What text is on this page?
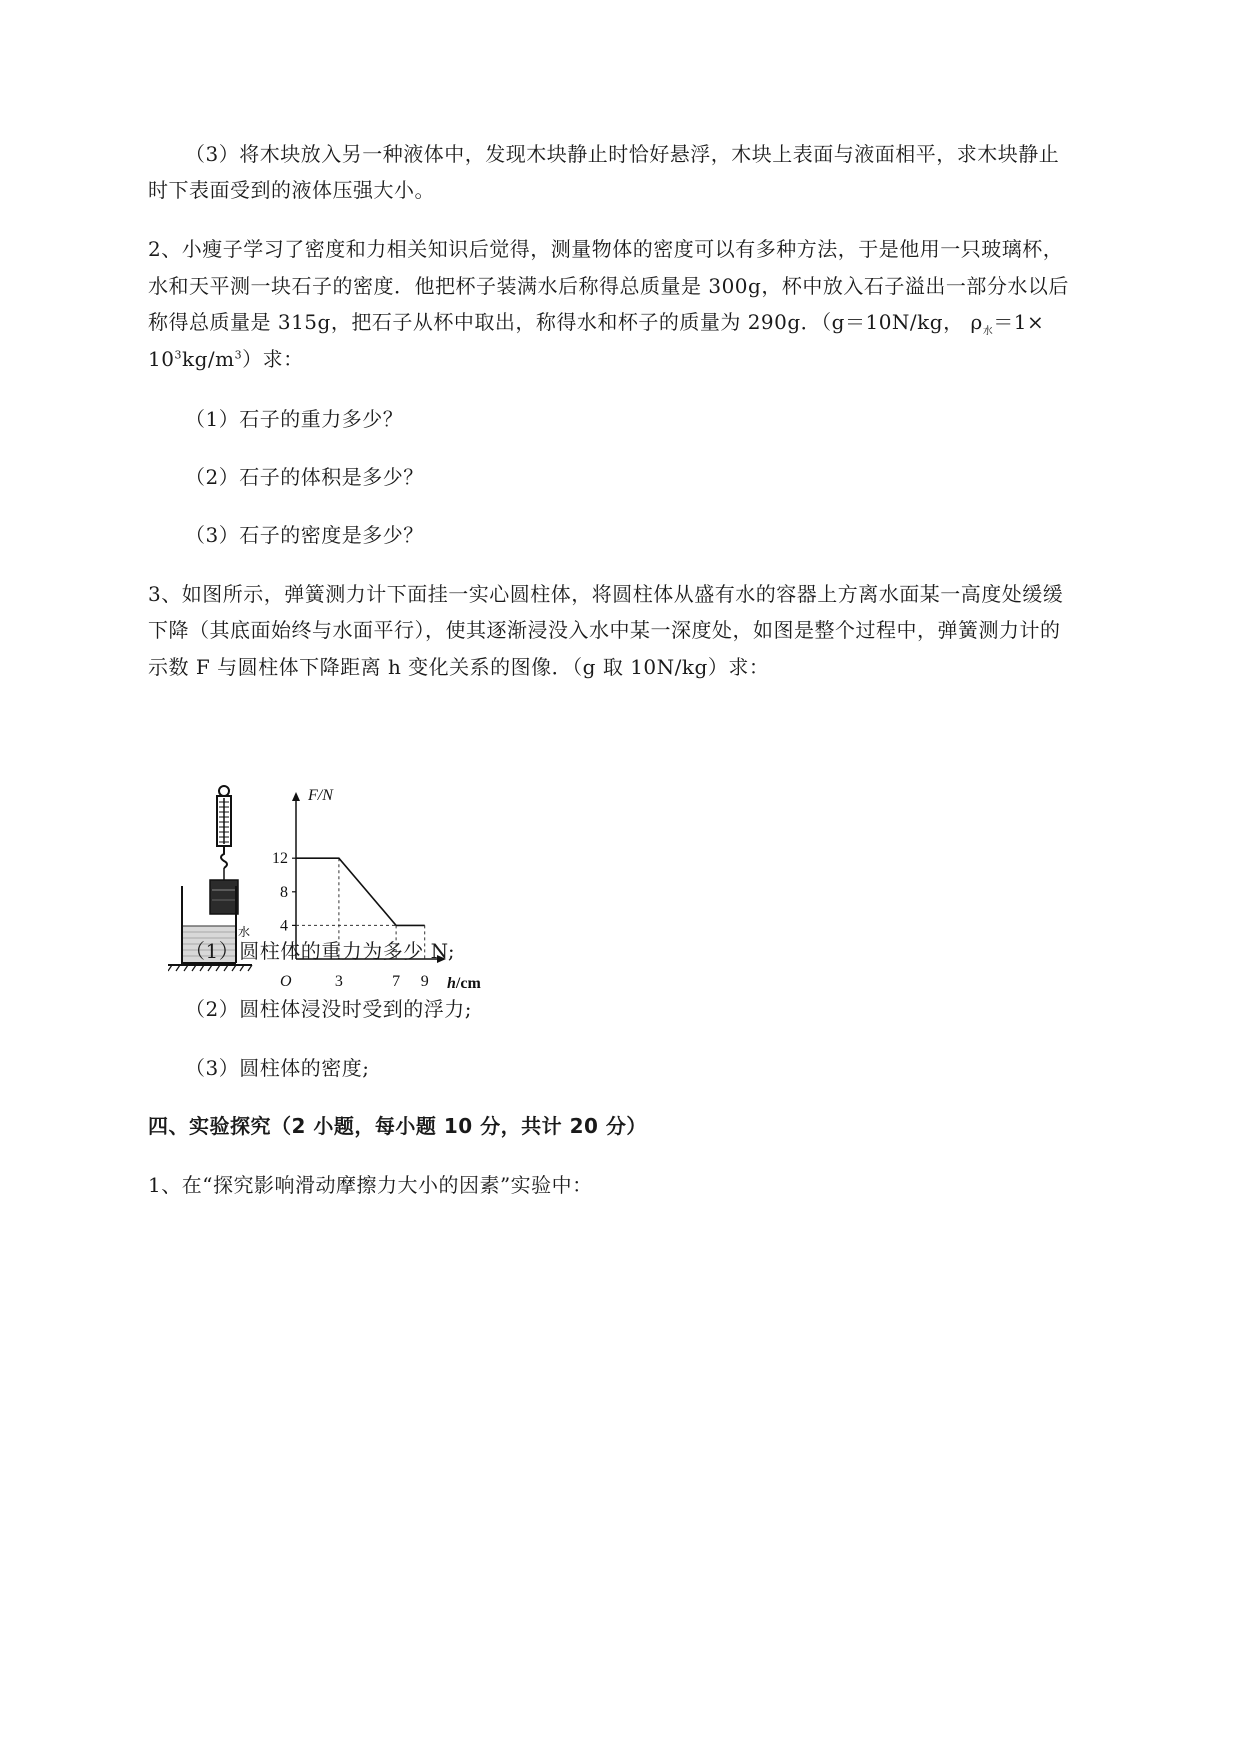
（3）将木块放入另一种液体中，发现木块静止时恰好悬浮，木块上表面与液面相平，求木块静止
时下表面受到的液体压强大小。
2、小瘦子学习了密度和力相关知识后觉得，测量物体的密度可以有多种方法，于是他用一只玻璃杯，
水和天平测一块石子的密度．他把杯子装满水后称得总质量是 300g，杯中放入石子溢出一部分水以后
称得总质量是 315g，把石子从杯中取出，称得水和杯子的质量为 290g．（g＝10N/kg， $\rho_水=1\times$
$10^3kg/m^3$）求：
（1）石子的重力多少？
（2）石子的体积是多少？
（3）石子的密度是多少？
3、如图所示，弹簧测力计下面挂一实心圆柱体，将圆柱体从盛有水的容器上方离水面某一高度处缓缓
下降（其底面始终与水面平行），使其逐渐浸没入水中某一深度处，如图是整个过程中，弹簧测力计的
示数 F 与圆柱体下降距离 h 变化关系的图像．（g 取 10N/kg）求：
水
F/N
O	h/cm
12
8
4
3	7 9
（1）圆柱体的重力为多少 N;
（2）圆柱体浸没时受到的浮力;
（3）圆柱体的密度;
四、实验探究（2 小题，每小题 10 分，共计 20 分）
1、在“探究影响滑动摩擦力大小的因素”实验中：
